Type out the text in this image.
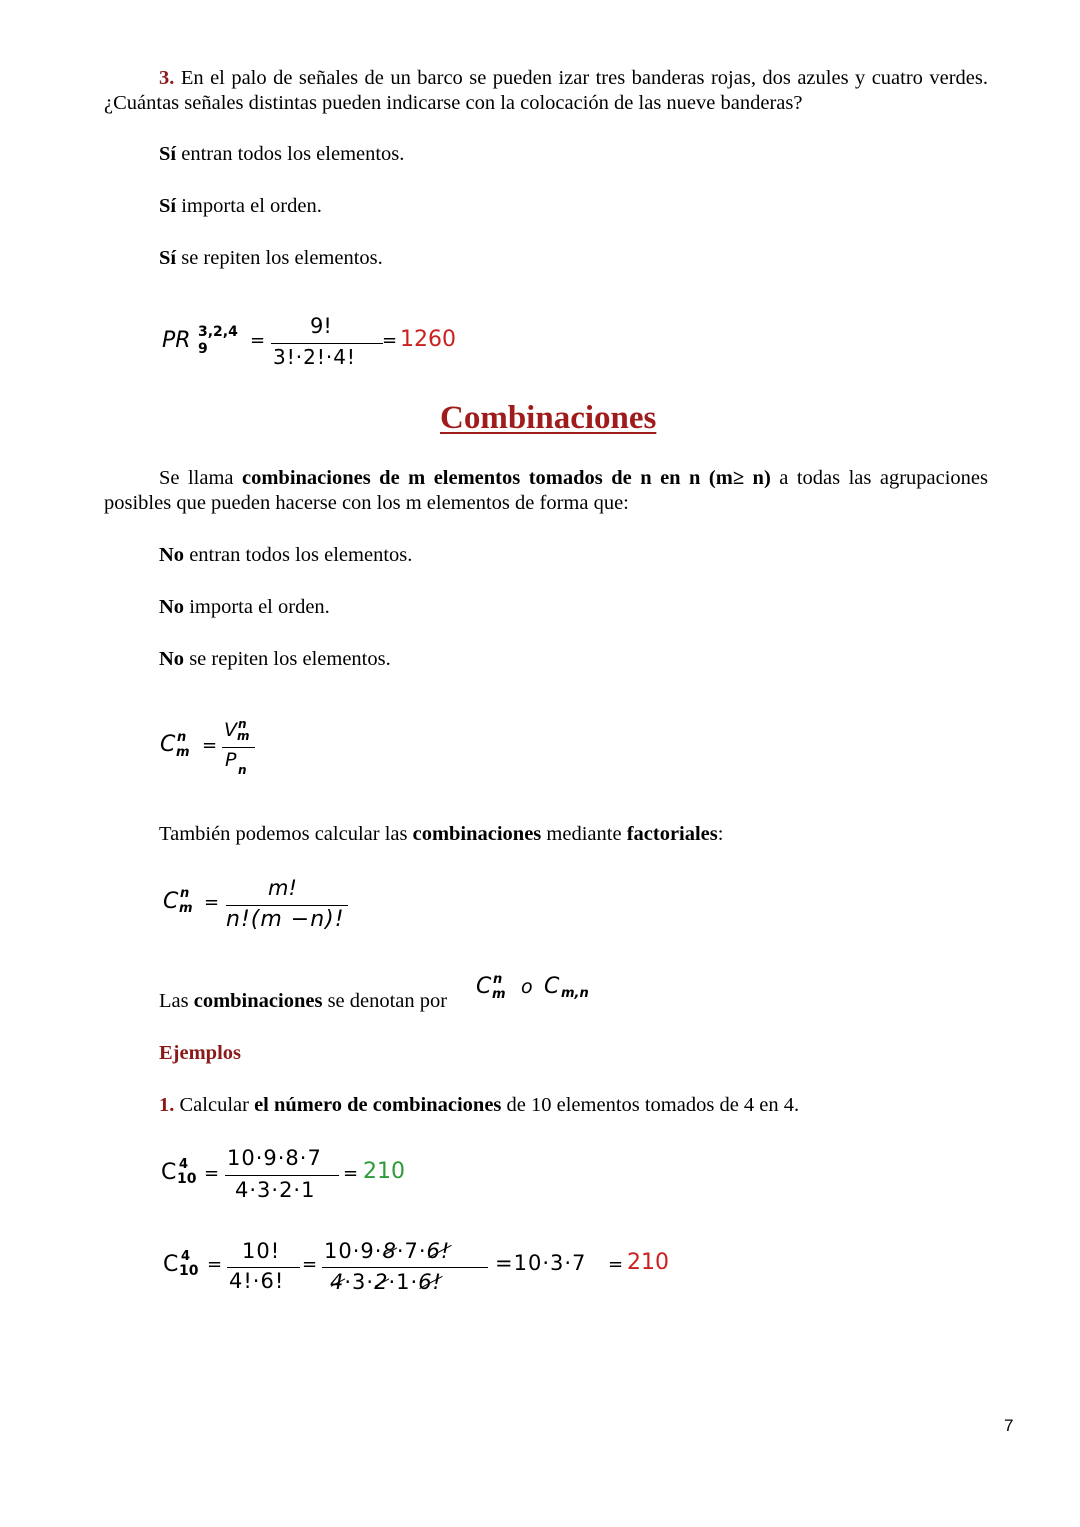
3. En el palo de señales de un barco se pueden izar tres banderas rojas, dos azules y cuatro verdes. ¿Cuántas señales distintas pueden indicarse con la colocación de las nueve banderas?
Sí entran todos los elementos.
Sí importa el orden.
Sí se repiten los elementos.
PR 3,2,4
9 =
9!
3!·2!·4!
= 1260
Combinaciones
Se llama combinaciones de m elementos tomados de n en n (m≥ n) a todas las agrupaciones posibles que pueden hacerse con los m elementos de forma que:
No entran todos los elementos.
No importa el orden.
No se repiten los elementos.
C n
m =
V n
m
P n
También podemos calcular las combinaciones mediante factoriales:
C n
m =
m!
n!(m −n)!
Las combinaciones se denotan por
C n
m o C m,n
Ejemplos
1. Calcular el número de combinaciones de 10 elementos tomados de 4 en 4.
C 4
10 =
10·9·8·7
4·3·2·1
= 210
C 4
10 =
10!
4!·6!
=
10·9·8·7·6!
4·3·2·1·6!
=10·3·7 = 210
7
